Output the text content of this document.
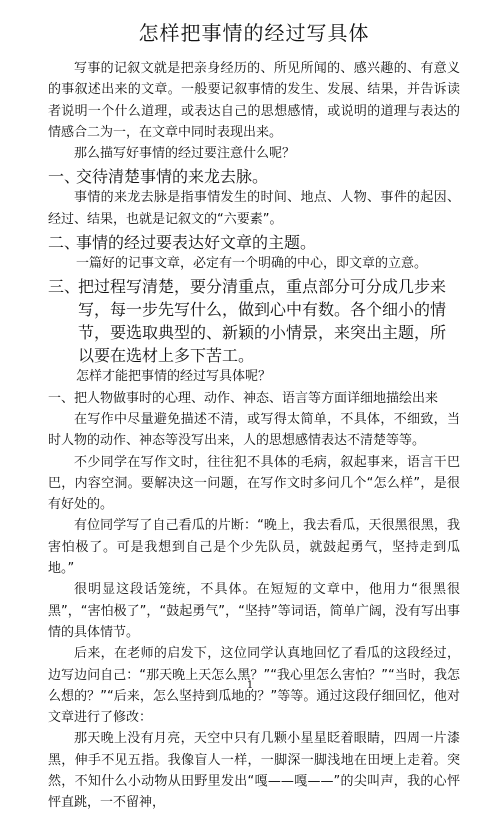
怎样把事情的经过写具体

写事的记叙文就是把亲身经历的、所见所闻的、感兴趣的、有意义的事叙述出来的文章。一般要记叙事情的发生、发展、结果，并告诉读者说明一个什么道理，或表达自己的思想感情，或说明的道理与表达的情感合二为一，在文章中同时表现出来。

那么描写好事情的经过要注意什么呢？

一、
交待清楚事情的来龙去脉。

事情的来龙去脉是指事情发生的时间、地点、人物、事件的起因、经过、结果，也就是记叙文的“六要素”。

二、
事情的经过要表达好文章的主题。

一篇好的记事文章，必定有一个明确的中心，即文章的立意。

三、
把过程写清楚，要分清重点，重点部分可分成几步来写，每一步先写什么，做到心中有数。各个细小的情节，要选取典型的、新颖的小情景，来突出主题，所以要在选材上多下苦工。

怎样才能把事情的经过写具体呢？

一、把人物做事时的心理、动作、神态、语言等方面详细地描绘出来

在写作中尽量避免描述不清，或写得太简单，不具体，不细致，当时人物的动作、神态等没写出来，人的思想感情表达不清楚等等。

不少同学在写作文时，往往犯不具体的毛病，叙起事来，语言干巴巴，内容空洞。要解决这一问题，在写作文时多问几个“怎么样”，是很有好处的。

有位同学写了自己看瓜的片断：“晚上，我去看瓜，天很黑很黑，我害怕极了。可是我想到自己是个少先队员，就鼓起勇气，坚持走到瓜地。”

很明显这段话笼统，不具体。在短短的文章中，他用力“很黑很黑”，“害怕极了”，“鼓起勇气”，“坚持”等词语，简单广阔，没有写出事情的具体情节。

后来，在老师的启发下，这位同学认真地回忆了看瓜的这段经过，边写边问自己：“那天晚上天怎么黑？”“我心里怎么害怕？”“当时，我怎么想的？”“后来，怎么坚持到瓜地的？”等等。通过这段仔细回忆，他对文章进行了修改：

那天晚上没有月亮，天空中只有几颗小星星眨着眼睛，四周一片漆黑，伸手不见五指。我像盲人一样，一脚深一脚浅地在田埂上走着。突然，不知什么小动物从田野里发出“嘎——嘎——”的尖叫声，我的心怦怦直跳，一不留神，

1
